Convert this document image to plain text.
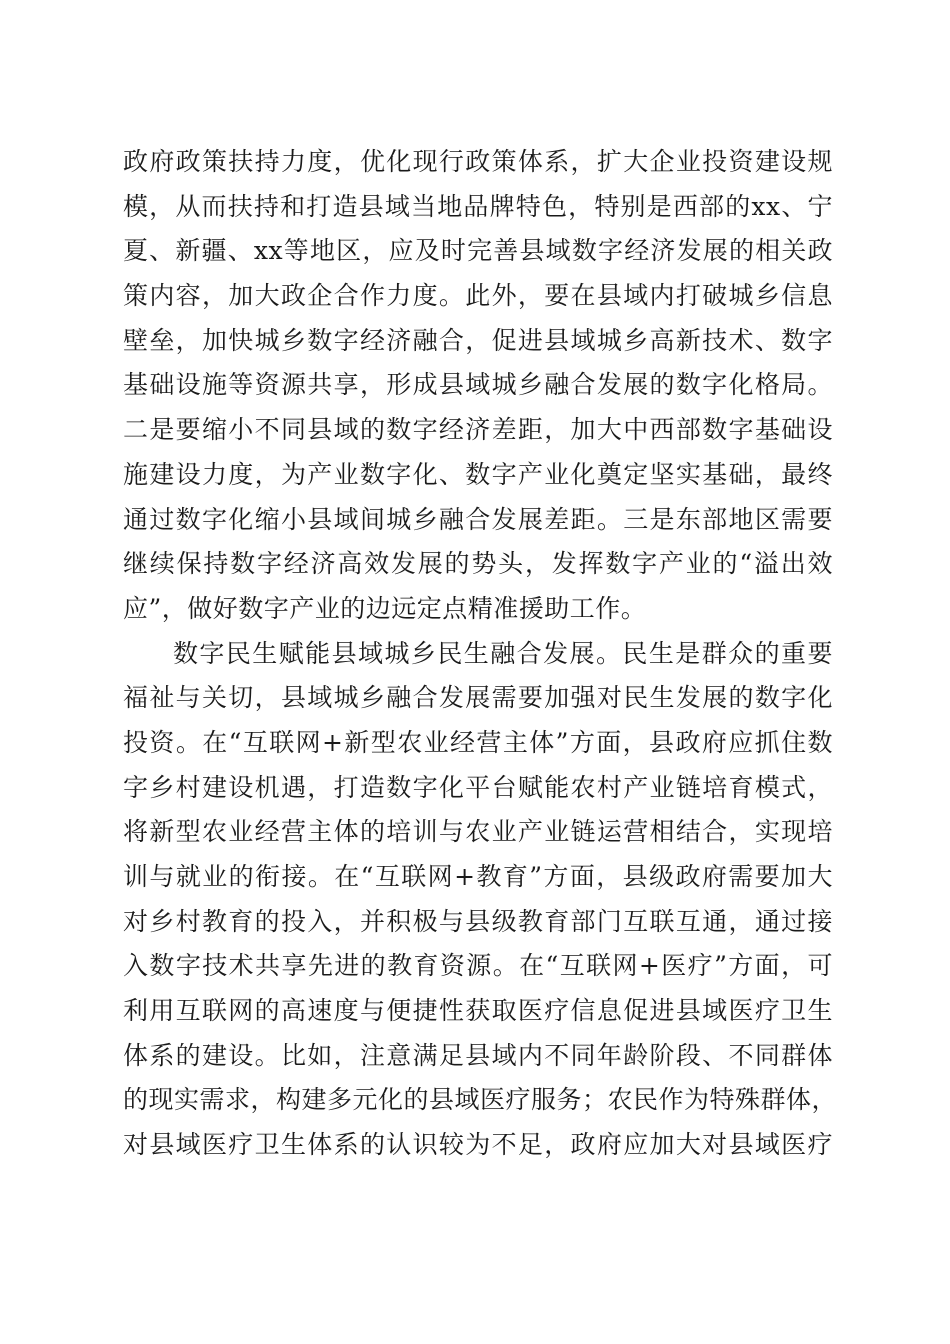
政府政策扶持力度，优化现行政策体系，扩大企业投资建设规
模，从而扶持和打造县域当地品牌特色，特别是西部的xx、宁
夏、新疆、xx等地区，应及时完善县域数字经济发展的相关政
策内容，加大政企合作力度。此外，要在县域内打破城乡信息
壁垒，加快城乡数字经济融合，促进县域城乡高新技术、数字
基础设施等资源共享，形成县域城乡融合发展的数字化格局。
二是要缩小不同县域的数字经济差距，加大中西部数字基础设
施建设力度，为产业数字化、数字产业化奠定坚实基础，最终
通过数字化缩小县域间城乡融合发展差距。三是东部地区需要
继续保持数字经济高效发展的势头，发挥数字产业的“溢出效
应”，做好数字产业的边远定点精准援助工作。
数字民生赋能县域城乡民生融合发展。民生是群众的重要
福祉与关切，县域城乡融合发展需要加强对民生发展的数字化
投资。在“互联网+新型农业经营主体”方面，县政府应抓住数
字乡村建设机遇，打造数字化平台赋能农村产业链培育模式，
将新型农业经营主体的培训与农业产业链运营相结合，实现培
训与就业的衔接。在“互联网+教育”方面，县级政府需要加大
对乡村教育的投入，并积极与县级教育部门互联互通，通过接
入数字技术共享先进的教育资源。在“互联网+医疗”方面，可
利用互联网的高速度与便捷性获取医疗信息促进县域医疗卫生
体系的建设。比如，注意满足县域内不同年龄阶段、不同群体
的现实需求，构建多元化的县域医疗服务；农民作为特殊群体，
对县域医疗卫生体系的认识较为不足，政府应加大对县域医疗
